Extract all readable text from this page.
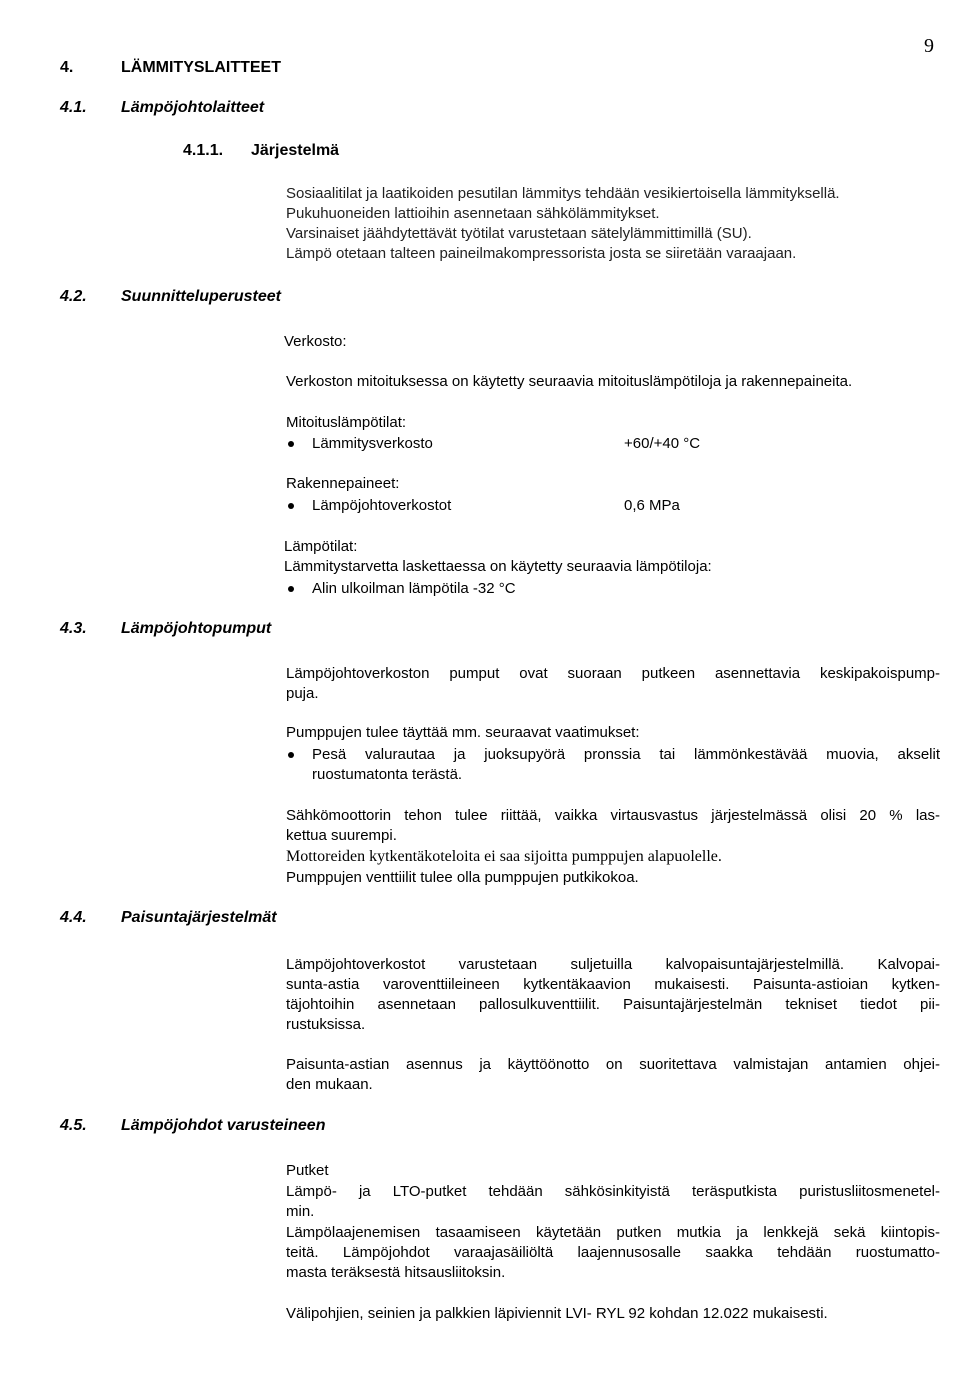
9
4.	LÄMMITYSLAITTEET
4.1. Lämpöjohtolaitteet
4.1.1. Järjestelmä
Sosiaalitilat ja laatikoiden pesutilan lämmitys tehdään vesikiertoisella lämmityksellä.
Pukuhuoneiden lattioihin asennetaan sähkölämmitykset.
Varsinaiset jäähdytettävät työtilat varustetaan sätelylämmittimillä (SU).
Lämpö otetaan talteen paineilmakompressorista josta se siiretään varaajaan.
4.2. Suunnitteluperusteet
Verkosto:
Verkoston mitoituksessa on käytetty seuraavia mitoituslämpötiloja ja rakennepaineita.
Mitoituslämpötilat:
Lämmitysverkosto	+60/+40 °C
Rakennepaineet:
Lämpöjohtoverkostot	0,6 MPa
Lämpötilat:
Lämmitystarvetta laskettaessa on käytetty seuraavia lämpötiloja:
Alin ulkoilman lämpötila -32 °C
4.3. Lämpöjohtopumput
Lämpöjohtoverkoston pumput ovat suoraan putkeen asennettavia keskipakoispump-
puja.
Pumppujen tulee täyttää mm. seuraavat vaatimukset:
Pesä valurautaa ja juoksupyörä pronssia tai lämmönkestävää muovia, akselit
ruostumatonta terästä.
Sähkömoottorin tehon tulee riittää, vaikka virtausvastus järjestelmässä olisi 20 % las-
kettua suurempi.
Mottoreiden kytkentäkoteloita ei saa sijoitta pumppujen alapuolelle.
Pumppujen venttiilit tulee olla pumppujen putkikokoa.
4.4. Paisuntajärjestelmät
Lämpöjohtoverkostot varustetaan suljetuilla kalvopaisuntajärjestelmillä. Kalvopai-
sunta-astia varoventtiileineen kytkentäkaavion mukaisesti. Paisunta-astioian kytken-
täjohtoihin asennetaan pallosulkuventtiilit. Paisuntajärjestelmän tekniset tiedot pii-
rustuksissa.
Paisunta-astian asennus ja käyttöönotto on suoritettava valmistajan antamien ohjei-
den mukaan.
4.5. Lämpöjohdot varusteineen
Putket
Lämpö- ja LTO-putket tehdään sähkösinkityistä teräsputkista puristusliitosmenetel-
min.
Lämpölaajenemisen tasaamiseen käytetään putken mutkia ja lenkkejä sekä kiintopis-
teitä. Lämpöjohdot varaajasäiliöltä laajennusosalle saakka tehdään ruostumatto-
masta teräksestä hitsausliitoksin.
Välipohjien, seinien ja palkkien läpiviennit LVI- RYL 92 kohdan 12.022 mukaisesti.
